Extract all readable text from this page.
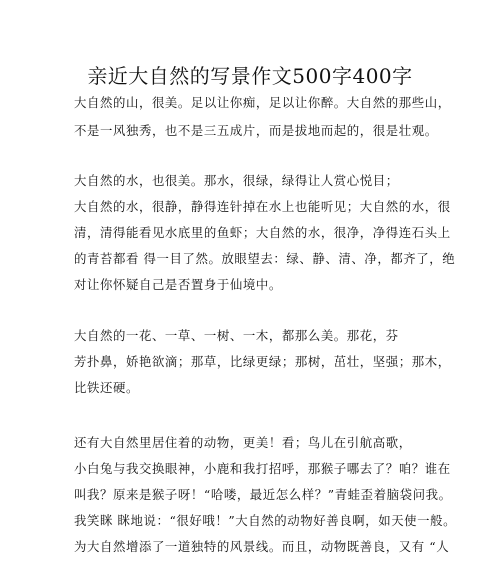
亲近大自然的写景作文500字400字
大自然的山，很美。足以让你痴，足以让你醉。大自然的那些山，
不是一风独秀，也不是三五成片，而是拔地而起的，很是壮观。
大自然的水，也很美。那水，很绿，绿得让人赏心悦目；
大自然的水，很静，静得连针掉在水上也能听见；大自然的水，很
清，清得能看见水底里的鱼虾；大自然的水，很净，净得连石头上
的青苔都看 得一目了然。放眼望去：绿、静、清、净，都齐了，绝
对让你怀疑自己是否置身于仙境中。
大自然的一花、一草、一树、一木，都那么美。那花，芬
芳扑鼻，娇艳欲滴；那草，比绿更绿；那树，茁壮，坚强；那木，
比铁还硬。
还有大自然里居住着的动物，更美！看；鸟儿在引航高歌，
小白兔与我交换眼神，小鹿和我打招呼，那猴子哪去了？咱？谁在
叫我？原来是猴子呀！“哈喽，最近怎么样？”青蛙歪着脑袋问我。
我笑眯 眯地说：“很好哦！”大自然的动物好善良啊，如天使一般。
为大自然增添了一道独特的风景线。而且，动物既善良，又有 “人
